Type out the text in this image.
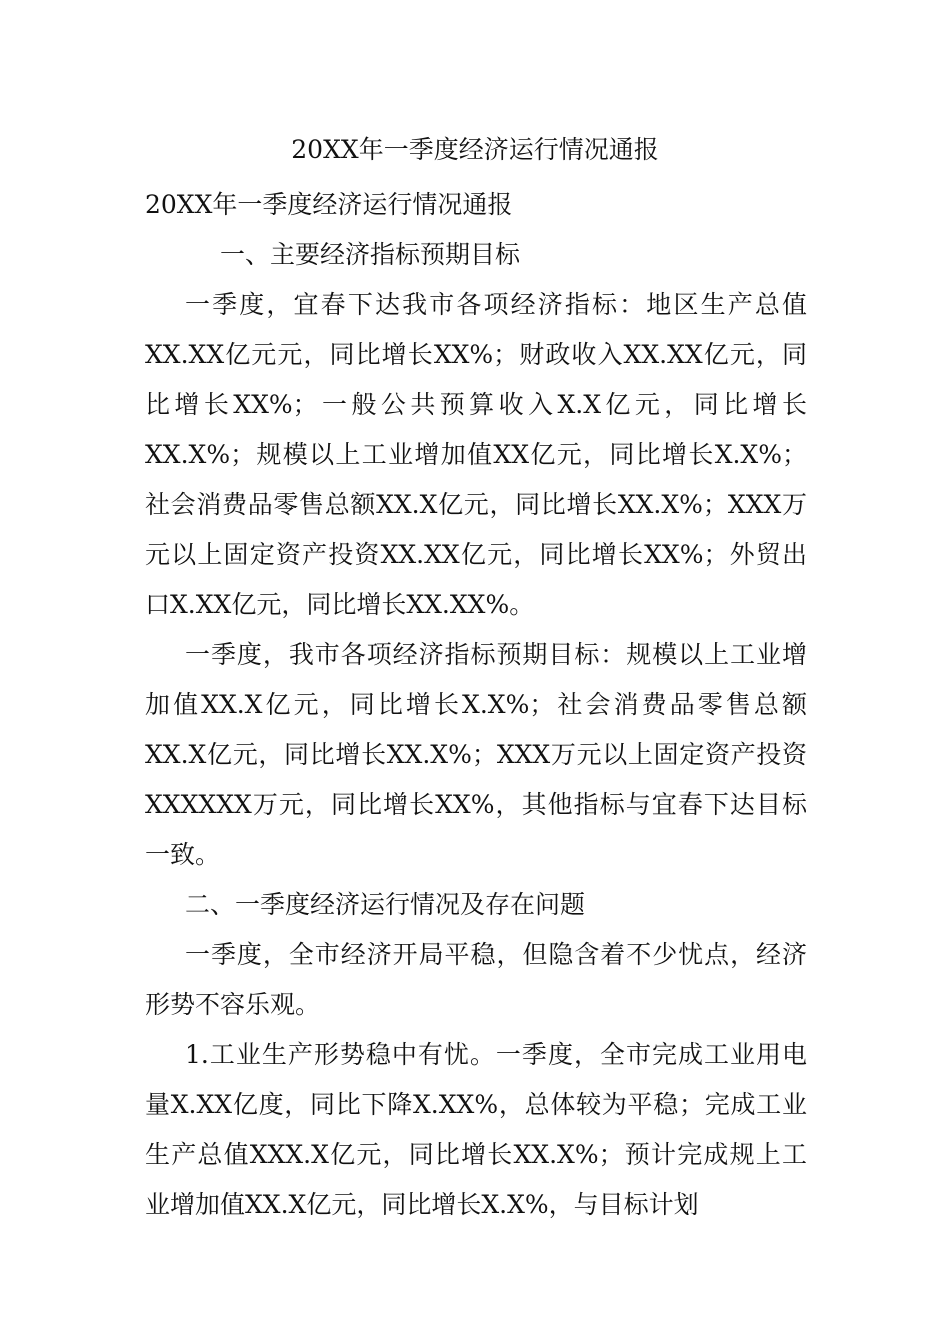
20XX年一季度经济运行情况通报

20XX年一季度经济运行情况通报

一、主要经济指标预期目标

一季度，宜春下达我市各项经济指标：地区生产总值XX.XX亿元元，同比增长XX%；财政收入XX.XX亿元，同比增长XX%；一般公共预算收入X.X亿元，同比增长XX.X%；规模以上工业增加值XX亿元，同比增长X.X%；社会消费品零售总额XX.X亿元，同比增长XX.X%；XXX万元以上固定资产投资XX.XX亿元，同比增长XX%；外贸出口X.XX亿元，同比增长XX.XX%。

一季度，我市各项经济指标预期目标：规模以上工业增加值XX.X亿元，同比增长X.X%；社会消费品零售总额XX.X亿元，同比增长XX.X%；XXX万元以上固定资产投资XXXXXX万元，同比增长XX%，其他指标与宜春下达目标一致。

二、一季度经济运行情况及存在问题

一季度，全市经济开局平稳，但隐含着不少忧点，经济形势不容乐观。

1.工业生产形势稳中有忧。一季度，全市完成工业用电量X.XX亿度，同比下降X.XX%，总体较为平稳；完成工业生产总值XXX.X亿元，同比增长XX.X%；预计完成规上工业增加值XX.X亿元，同比增长X.X%，与目标计划
